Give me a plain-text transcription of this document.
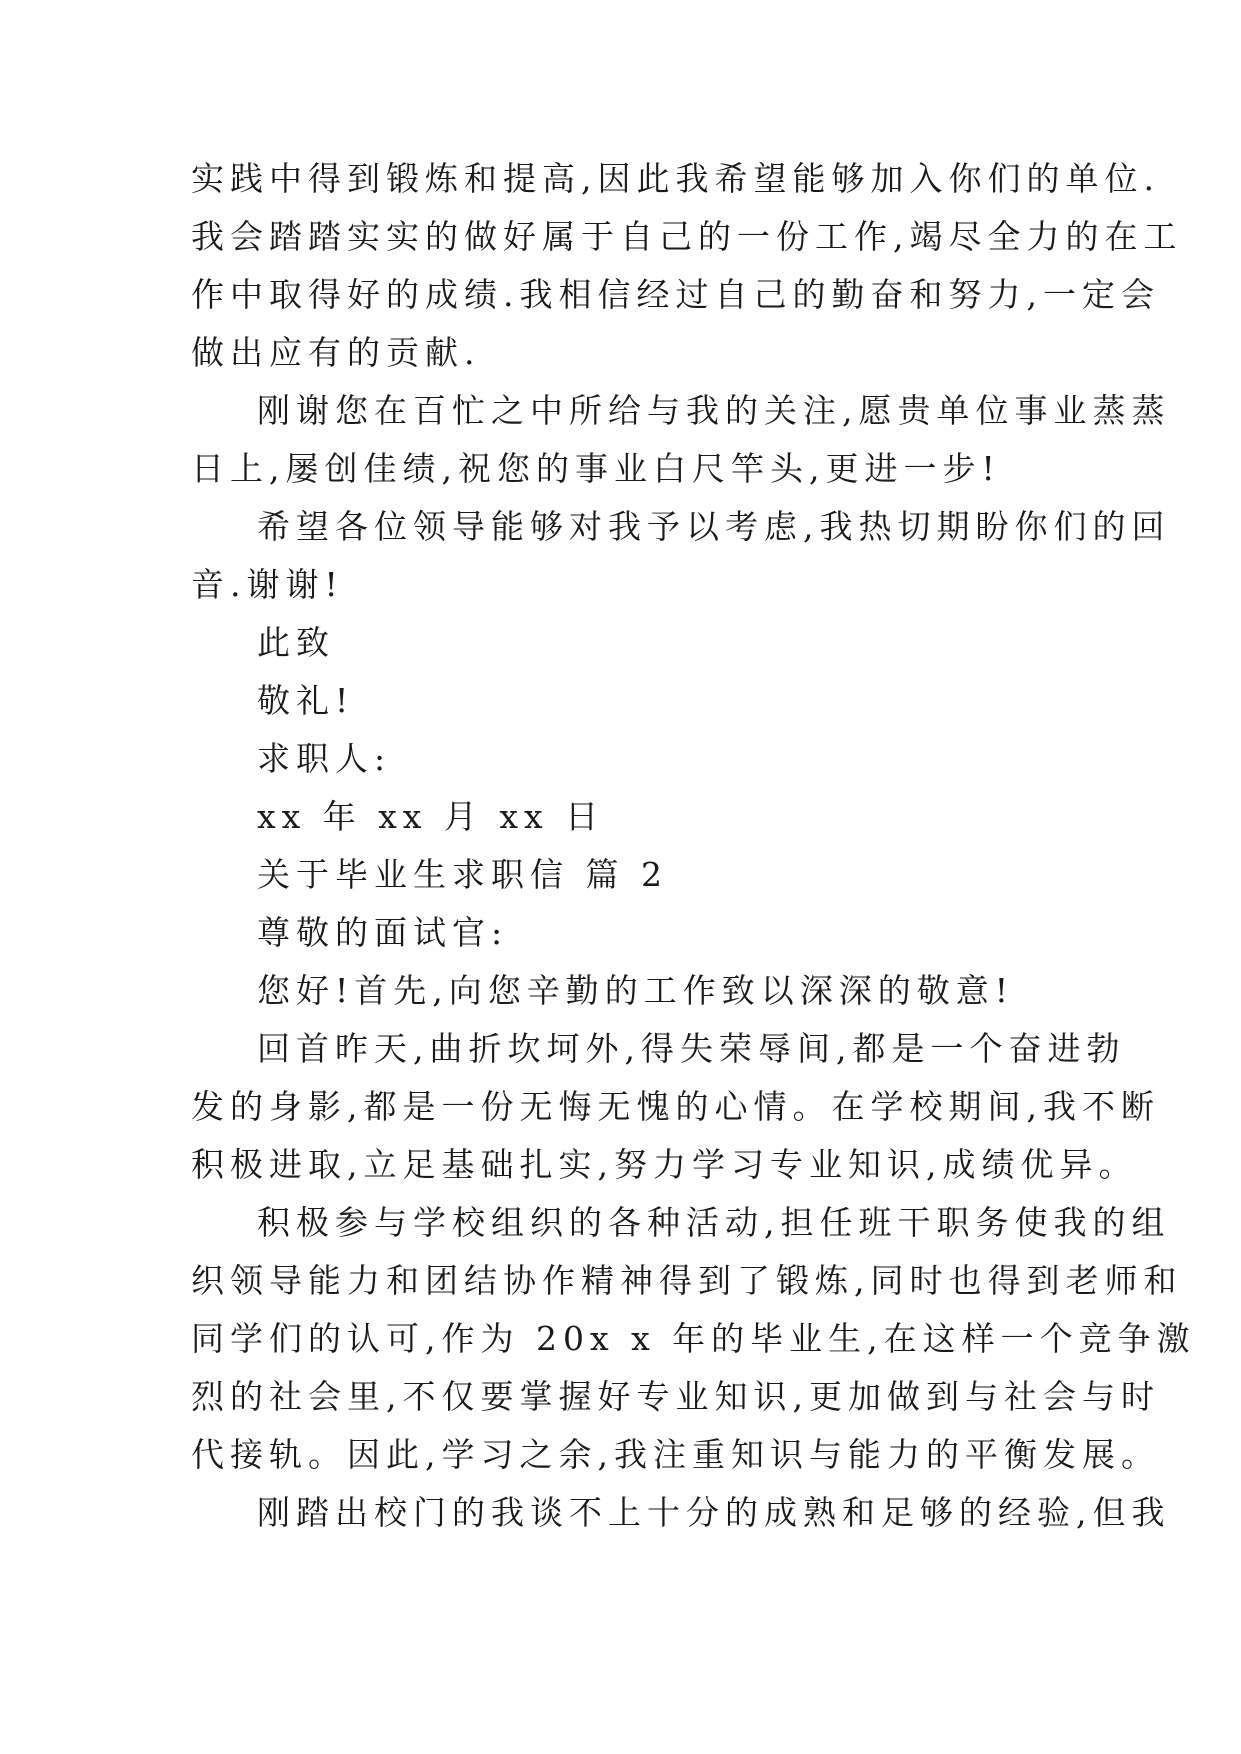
实践中得到锻炼和提高,因此我希望能够加入你们的单位.

我会踏踏实实的做好属于自己的一份工作,竭尽全力的在工

作中取得好的成绩.我相信经过自己的勤奋和努力,一定会

做出应有的贡献.

刚谢您在百忙之中所给与我的关注,愿贵单位事业蒸蒸

日上,屡创佳绩,祝您的事业白尺竿头,更进一步!

希望各位领导能够对我予以考虑,我热切期盼你们的回

音.谢谢!

此致

敬礼!

求职人:

xx 年 xx 月 xx 日

关于毕业生求职信 篇 2

尊敬的面试官:

您好!首先,向您辛勤的工作致以深深的敬意!

回首昨天,曲折坎坷外,得失荣辱间,都是一个奋进勃

发的身影,都是一份无悔无愧的心情。在学校期间,我不断

积极进取,立足基础扎实,努力学习专业知识,成绩优异。

积极参与学校组织的各种活动,担任班干职务使我的组

织领导能力和团结协作精神得到了锻炼,同时也得到老师和

同学们的认可,作为 20x x 年的毕业生,在这样一个竞争激

烈的社会里,不仅要掌握好专业知识,更加做到与社会与时

代接轨。因此,学习之余,我注重知识与能力的平衡发展。

刚踏出校门的我谈不上十分的成熟和足够的经验,但我
